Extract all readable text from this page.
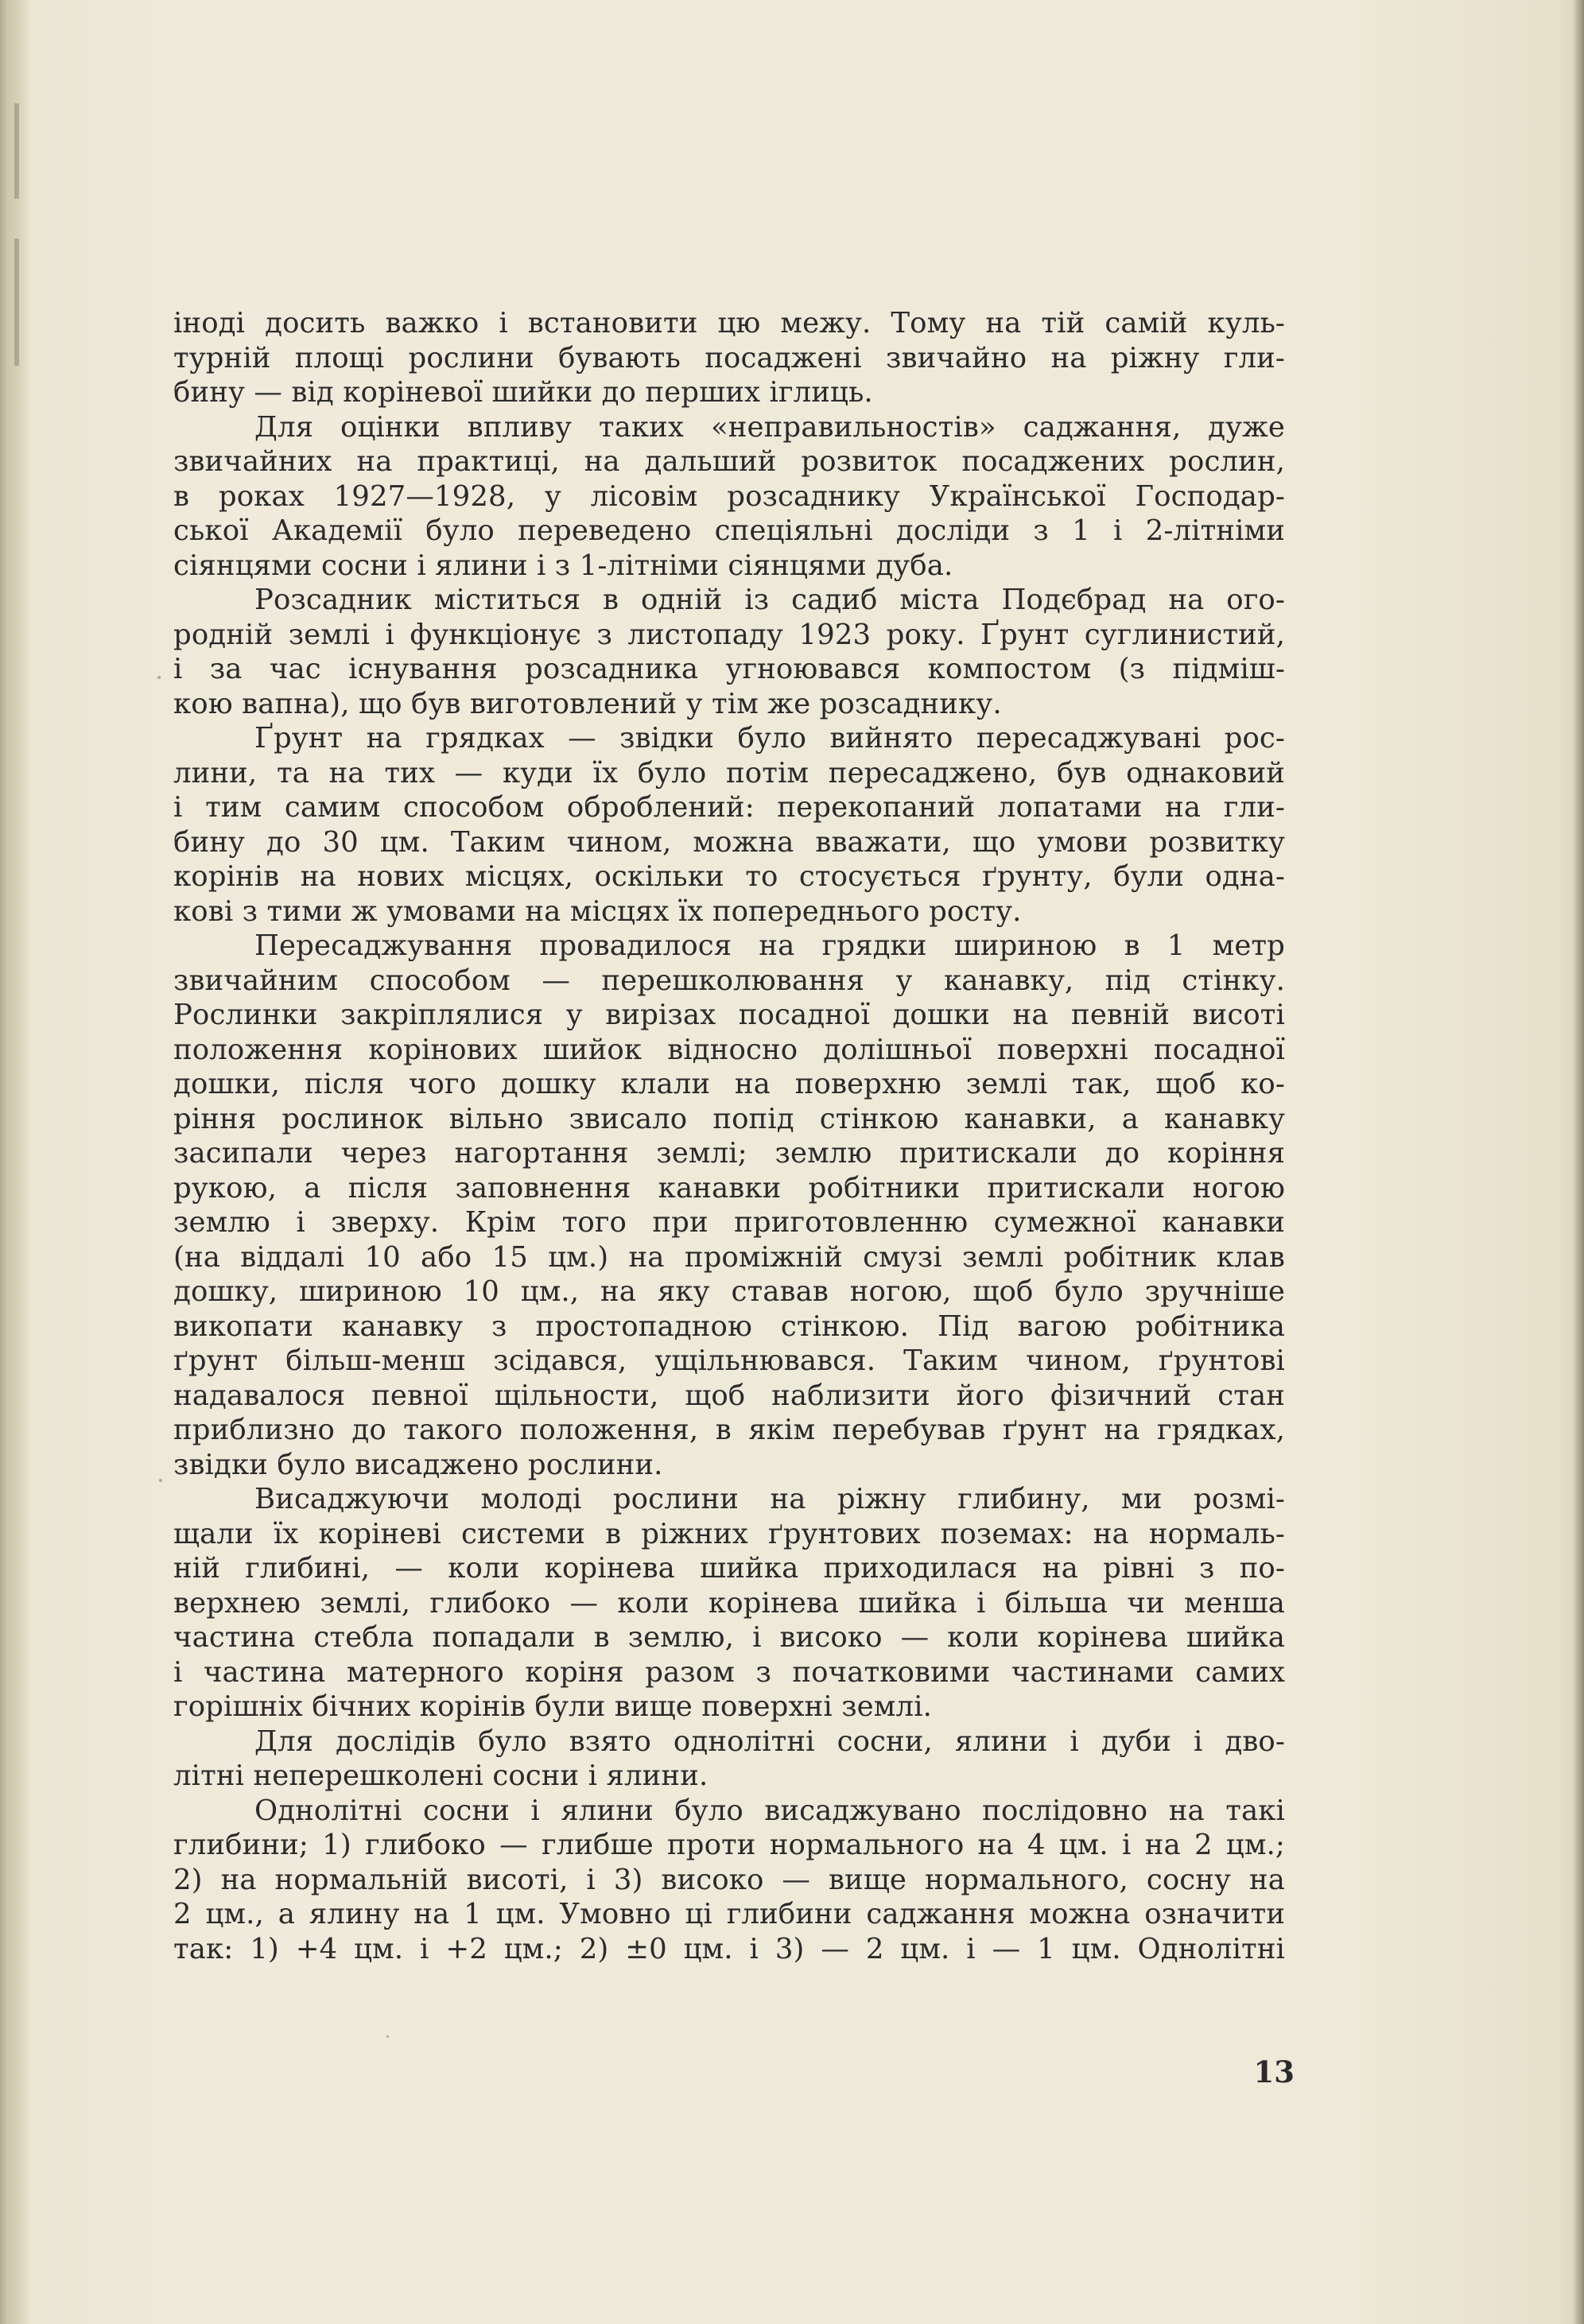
іноді досить важко і встановити цю межу. Тому на тій самій куль-
турній площі рослини бувають посаджені звичайно на ріжну гли-
бину — від коріневої шийки до перших іглиць.
Для оцінки впливу таких «неправильностів» саджання, дуже
звичайних на практиці, на дальший розвиток посаджених рослин,
в роках 1927—1928, у лісовім розсаднику Української Господар-
ської Академії було переведено спеціяльні досліди з 1 і 2-літніми
сіянцями сосни і ялини і з 1-літніми сіянцями дуба.
Розсадник міститься в одній із садиб міста Подєбрад на ого-
родній землі і функціонує з листопаду 1923 року. Ґрунт суглинистий,
і за час існування розсадника угноювався компостом (з підміш-
кою вапна), що був виготовлений у тім же розсаднику.
Ґрунт на грядках — звідки було вийнято пересаджувані рос-
лини, та на тих — куди їх було потім пересаджено, був однаковий
і тим самим способом оброблений: перекопаний лопатами на гли-
бину до 30 цм. Таким чином, можна вважати, що умови розвитку
корінів на нових місцях, оскільки то стосується ґрунту, були одна-
кові з тими ж умовами на місцях їх попереднього росту.
Пересаджування провадилося на грядки шириною в 1 метр
звичайним способом — перешколювання у канавку, під стінку.
Рослинки закріплялися у вирізах посадної дошки на певній висоті
положення корінових шийок відносно долішньої поверхні посадної
дошки, після чого дошку клали на поверхню землі так, щоб ко-
ріння рослинок вільно звисало попід стінкою канавки, а канавку
засипали через нагортання землі; землю притискали до коріння
рукою, а після заповнення канавки робітники притискали ногою
землю і зверху. Крім того при приготовленню сумежної канавки
(на віддалі 10 або 15 цм.) на проміжній смузі землі робітник клав
дошку, шириною 10 цм., на яку ставав ногою, щоб було зручніше
викопати канавку з простопадною стінкою. Під вагою робітника
ґрунт більш-менш зсідався, ущільнювався. Таким чином, ґрунтові
надавалося певної щільности, щоб наблизити його фізичний стан
приблизно до такого положення, в якім перебував ґрунт на грядках,
звідки було висаджено рослини.
Висаджуючи молоді рослини на ріжну глибину, ми розмі-
щали їх коріневі системи в ріжних ґрунтових поземах: на нормаль-
ній глибині, — коли корінева шийка приходилася на рівні з по-
верхнею землі, глибоко — коли корінева шийка і більша чи менша
частина стебла попадали в землю, і високо — коли корінева шийка
і частина матерного коріня разом з початковими частинами самих
горішніх бічних корінів були вище поверхні землі.
Для дослідів було взято однолітні сосни, ялини і дуби і дво-
літні неперешколені сосни і ялини.
Однолітні сосни і ялини було висаджувано послідовно на такі
глибини; 1) глибоко — глибше проти нормального на 4 цм. і на 2 цм.;
2) на нормальній висоті, і 3) високо — вище нормального, сосну на
2 цм., а ялину на 1 цм. Умовно ці глибини саджання можна означити
так: 1) +4 цм. і +2 цм.; 2) ±0 цм. і 3) — 2 цм. і — 1 цм. Однолітні
13
